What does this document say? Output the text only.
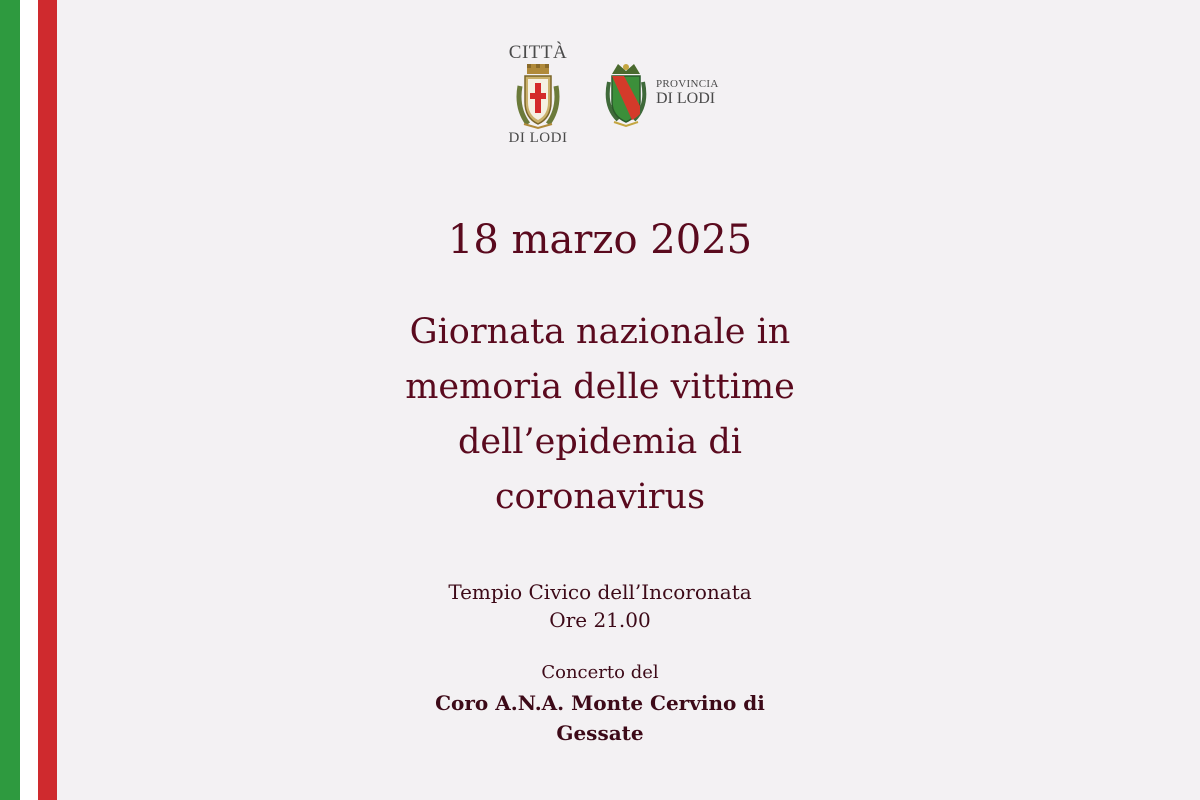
CITTÀ
DI LODI
PROVINCIA
DI LODI
18 marzo 2025
Giornata nazionale in
memoria delle vittime
dell’epidemia di
coronavirus
Tempio Civico dell’Incoronata
Ore 21.00
Concerto del
Coro A.N.A. Monte Cervino di
Gessate
